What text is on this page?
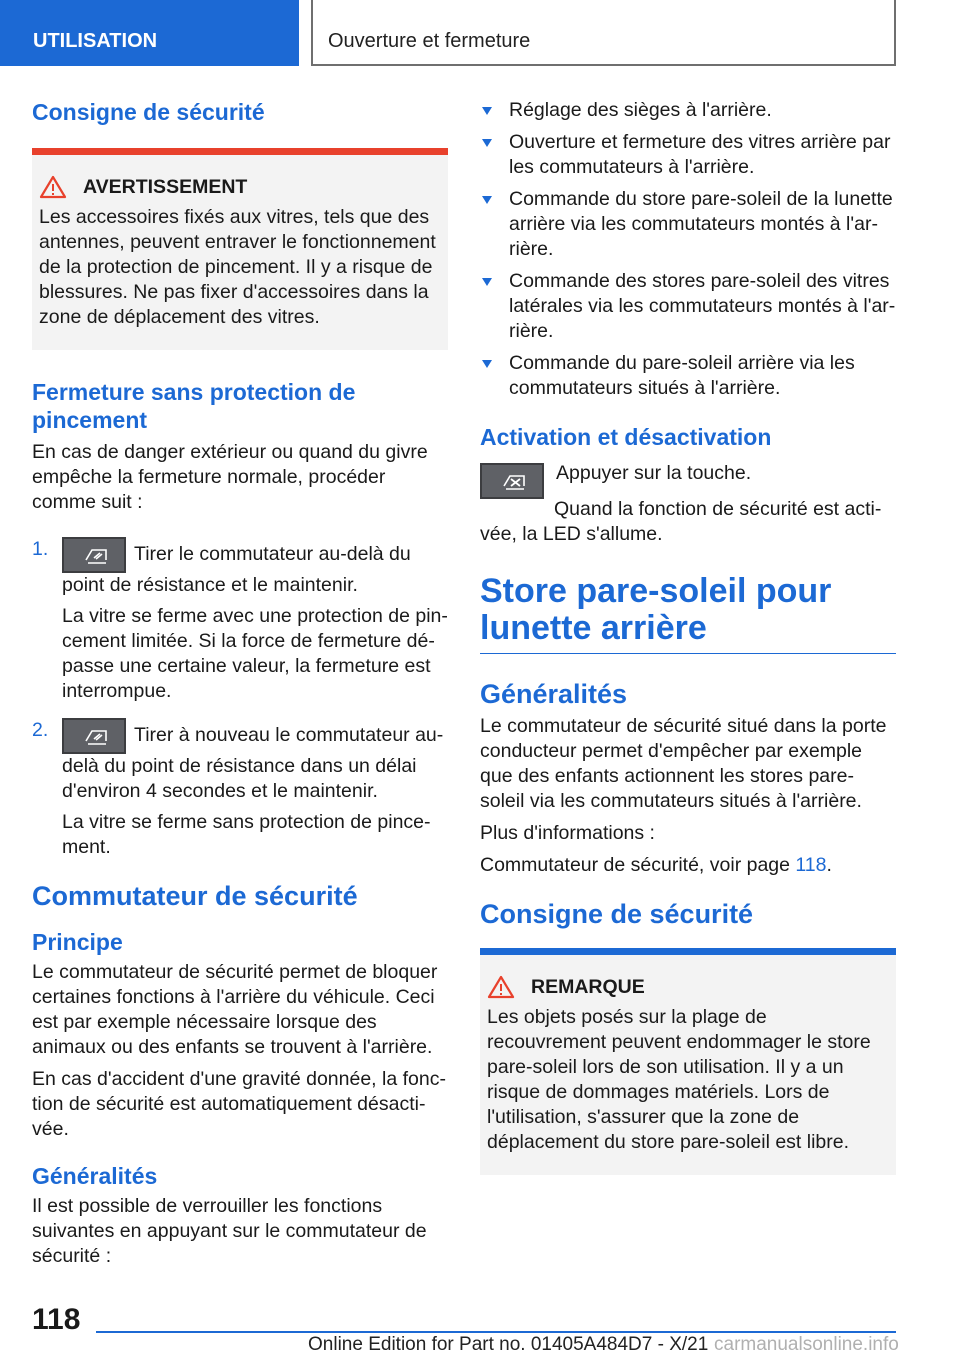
UTILISATION	Ouverture et fermeture
Consigne de sécurité
AVERTISSEMENT

Les accessoires fixés aux vitres, tels que des antennes, peuvent entraver le fonctionnement de la protection de pincement. Il y a risque de blessures. Ne pas fixer d'accessoires dans la zone de déplacement des vitres.

Fermeture sans protection de pincement

En cas de danger extérieur ou quand du givre empêche la fermeture normale, procéder comme suit :

1.	Tirer le commutateur au-delà du point de résistance et le maintenir.

La vitre se ferme avec une protection de pincement limitée. Si la force de fermeture dépasse une certaine valeur, la fermeture est interrompue.

2.	Tirer à nouveau le commutateur au-delà du point de résistance dans un délai d'environ 4 secondes et le maintenir.

La vitre se ferme sans protection de pincement.

Commutateur de sécurité
Principe

Le commutateur de sécurité permet de bloquer certaines fonctions à l'arrière du véhicule. Ceci est par exemple nécessaire lorsque des animaux ou des enfants se trouvent à l'arrière.

En cas d'accident d'une gravité donnée, la fonction de sécurité est automatiquement désactivée.

Généralités

Il est possible de verrouiller les fonctions suivantes en appuyant sur le commutateur de sécurité :

Réglage des sièges à l'arrière.
Ouverture et fermeture des vitres arrière par les commutateurs à l'arrière.
Commande du store pare-soleil de la lunette arrière via les commutateurs montés à l'arrière.
Commande des stores pare-soleil des vitres latérales via les commutateurs montés à l'arrière.
Commande du pare-soleil arrière via les commutateurs situés à l'arrière.
Activation et désactivation

Appuyer sur la touche.

Quand la fonction de sécurité est activée, la LED s'allume.

Store pare-soleil pour lunette arrière
Généralités

Le commutateur de sécurité situé dans la porte conducteur permet d'empêcher par exemple que des enfants actionnent les stores pare-soleil via les commutateurs situés à l'arrière.

Plus d'informations :

Commutateur de sécurité, voir page 118.

Consigne de sécurité
REMARQUE

Les objets posés sur la plage de recouvrement peuvent endommager le store pare-soleil lors de son utilisation. Il y a un risque de dommages matériels. Lors de l'utilisation, s'assurer que la zone de déplacement du store pare-soleil est libre.

118
Online Edition for Part no. 01405A484D7 - X/21 carmanualsonline.info
